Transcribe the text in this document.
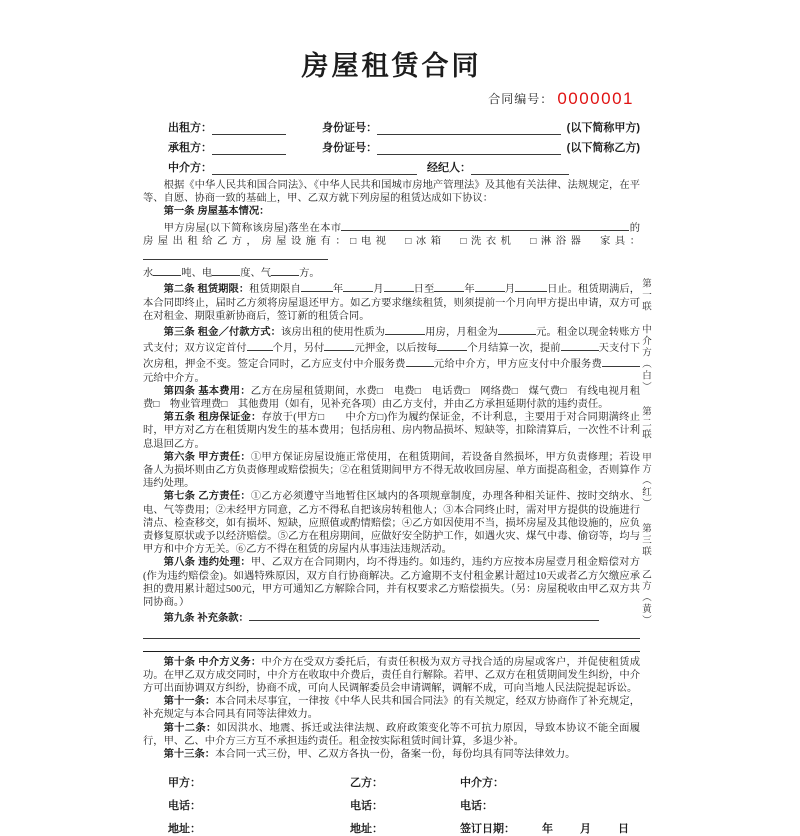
房屋租赁合同
合同编号： 0000001
出租方：	身份证号：	(以下简称甲方)
承租方：	身份证号：	(以下简称乙方)
中介方：	经纪人：
根据《中华人民共和国合同法》、《中华人民共和国城市房地产管理法》及其他有关法律、法规规定，在平等、自愿、协商一致的基础上，甲、乙双方就下列房屋的租赁达成如下协议：
第一条 房屋基本情况：
甲方房屋(以下简称该房屋)落坐在本市	的房屋出租给乙方，房屋设施有：□电视　□冰箱　□洗衣机　□淋浴器　家具：
水	吨、电	度、气	方。
第二条 租赁期限：租赁期限自	年	月	日至	年	月	日止。租赁期满后，本合同即终止，届时乙方须将房屋退还甲方。如乙方要求继续租赁，则须提前一个月向甲方提出申请，双方可在对租金、期限重新协商后，签订新的租赁合同。
第三条 租金／付款方式：该房出租的使用性质为	用房，月租金为	元。租金以现金转账方式支付；双方议定首付	个月，另付	元押金，以后按每	个月结算一次，提前	天支付下次房租，押金不变。签定合同时，乙方应支付中介服务费	元给中介方，甲方应支付中介服务费元给中介方。
第四条 基本费用：乙方在房屋租赁期间，水费□　电费□　电话费□　网络费□　煤气费□　有线电视月租费□　物业管理费□　其他费用（如有，见补充各项）由乙方支付，并由乙方承担延期付款的违约责任。
第五条 租房保证金：存放于(甲方□　　中介方□)作为履约保证金，不计利息，主要用于对合同期满终止时，甲方对乙方在租赁期内发生的基本费用；包括房租、房内物品损坏、短缺等，扣除清算后，一次性不计利息退回乙方。
第六条 甲方责任：①甲方保证房屋设施正常使用，在租赁期间，若设备自然损坏，甲方负责修理；若设备人为损坏则由乙方负责修理或赔偿损失；②在租赁期间甲方不得无故收回房屋、单方面提高租金，否则算作违约处理。
第七条 乙方责任：①乙方必须遵守当地暂住区域内的各项规章制度，办理各种相关证件、按时交纳水、电、气等费用；②未经甲方同意，乙方不得私自把该房转租他人；③本合同终止时，需对甲方提供的设施进行清点、检查移交，如有损坏、短缺，应照值或酌情赔偿；④乙方如因使用不当，损坏房屋及其他设施的，应负责修复原状或予以经济赔偿。⑤乙方在租房期间，应做好安全防护工作，如遇火灾、煤气中毒、偷窃等，均与甲方和中介方无关。⑥乙方不得在租赁的房屋内从事违法违规活动。
第八条 违约处理：甲、乙双方在合同期内，均不得违约。如违约，违约方应按本房屋壹月租金赔偿对方(作为违约赔偿金)。如遇特殊原因，双方自行协商解决。乙方逾期不支付租金累计超过10天或者乙方欠缴应承担的费用累计超过500元，甲方可通知乙方解除合同，并有权要求乙方赔偿损失。（另：房屋税收由甲乙双方共同协商。）
第九条 补充条款：
第十条 中介方义务：中介方在受双方委托后，有责任积极为双方寻找合适的房屋或客户，并促使租赁成功。在甲乙双方成交同时，中介方在收取中介费后，责任自行解除。若甲、乙双方在租赁期间发生纠纷，中介方可出面协调双方纠纷，协商不成，可向人民调解委员会申请调解，调解不成，可向当地人民法院提起诉讼。
第十一条：本合同未尽事宜，一律按《中华人民共和国合同法》的有关规定，经双方协商作了补充规定，补充规定与本合同具有同等法律效力。
第十二条：如因洪水、地震、拆迁或法律法规、政府政策变化等不可抗力原因，导致本协议不能全面履行，甲、乙、中介方三方互不承担违约责任。租金按实际租赁时间计算，多退少补。
第十三条：本合同一式三份，甲、乙双方各执一份，备案一份，每份均具有同等法律效力。
甲方：	乙方：	中介方：
电话：	电话：	电话：
地址：	地址：	签订日期： 年 月 日
第一联　中介方（白）
第二联　甲方（红）
第三联　乙方（黄）
